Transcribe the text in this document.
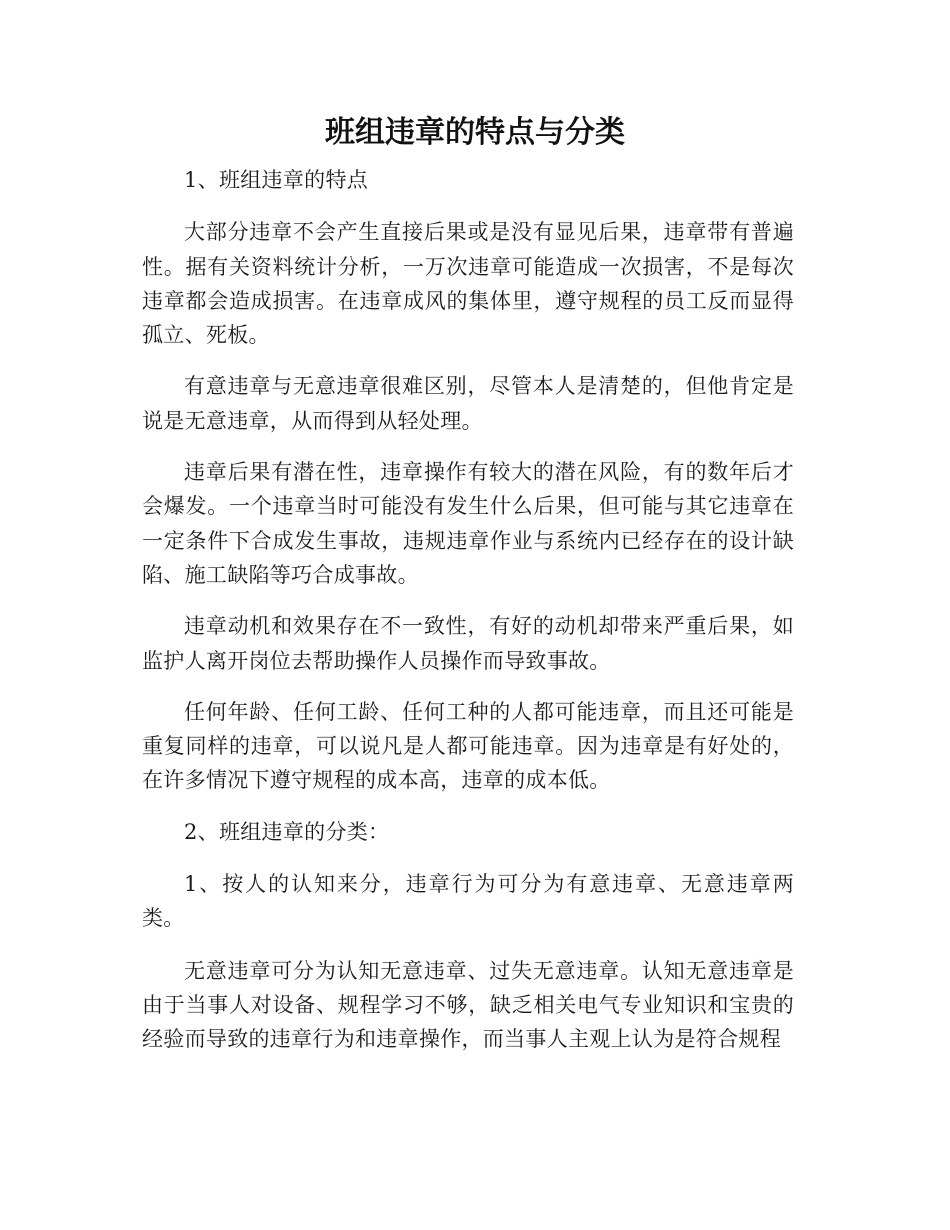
班组违章的特点与分类

1、班组违章的特点

大部分违章不会产生直接后果或是没有显见后果，违章带有普遍性。据有关资料统计分析，一万次违章可能造成一次损害，不是每次违章都会造成损害。在违章成风的集体里，遵守规程的员工反而显得孤立、死板。

有意违章与无意违章很难区别，尽管本人是清楚的，但他肯定是说是无意违章，从而得到从轻处理。

违章后果有潜在性，违章操作有较大的潜在风险，有的数年后才会爆发。一个违章当时可能没有发生什么后果，但可能与其它违章在一定条件下合成发生事故，违规违章作业与系统内已经存在的设计缺陷、施工缺陷等巧合成事故。

违章动机和效果存在不一致性，有好的动机却带来严重后果，如监护人离开岗位去帮助操作人员操作而导致事故。

任何年龄、任何工龄、任何工种的人都可能违章，而且还可能是重复同样的违章，可以说凡是人都可能违章。因为违章是有好处的，在许多情况下遵守规程的成本高，违章的成本低。

2、班组违章的分类：

1、按人的认知来分，违章行为可分为有意违章、无意违章两类。

无意违章可分为认知无意违章、过失无意违章。认知无意违章是由于当事人对设备、规程学习不够，缺乏相关电气专业知识和宝贵的经验而导致的违章行为和违章操作，而当事人主观上认为是符合规程
